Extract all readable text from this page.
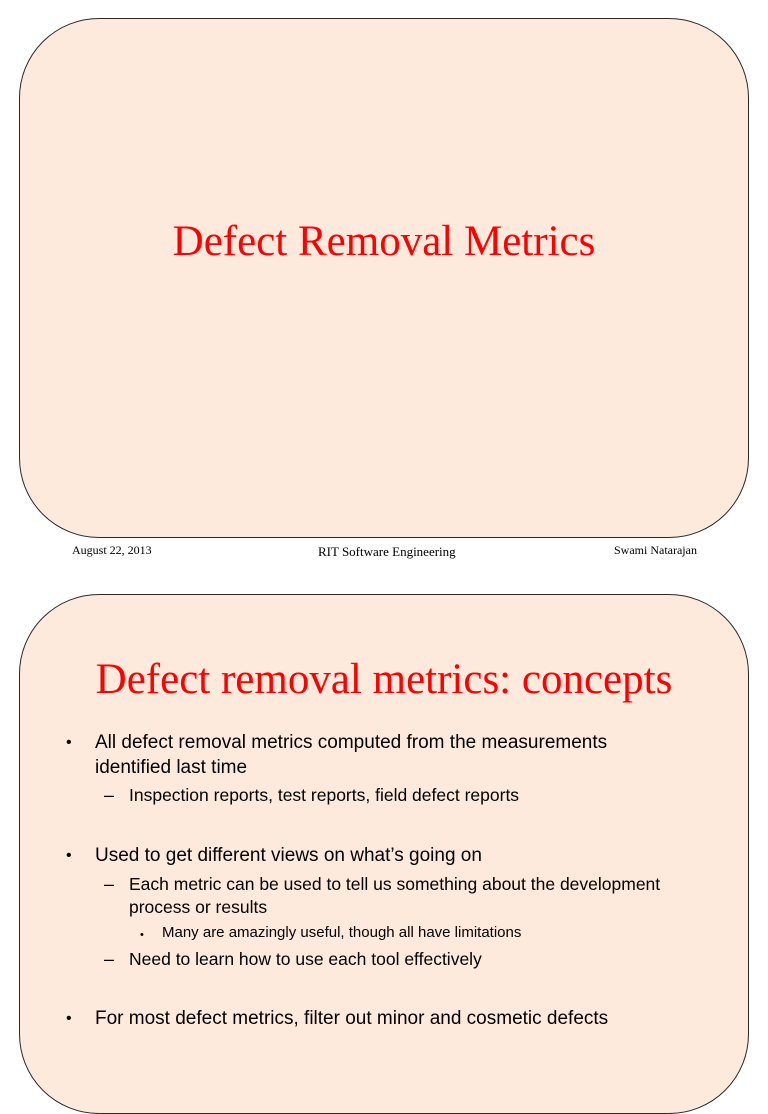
Defect Removal Metrics
August 22, 2013	RIT Software Engineering	Swami Natarajan
Defect removal metrics: concepts
• All defect removal metrics computed from the measurements identified last time
– Inspection reports, test reports, field defect reports
• Used to get different views on what’s going on
– Each metric can be used to tell us something about the development process or results
• Many are amazingly useful, though all have limitations
– Need to learn how to use each tool effectively
• For most defect metrics, filter out minor and cosmetic defects
